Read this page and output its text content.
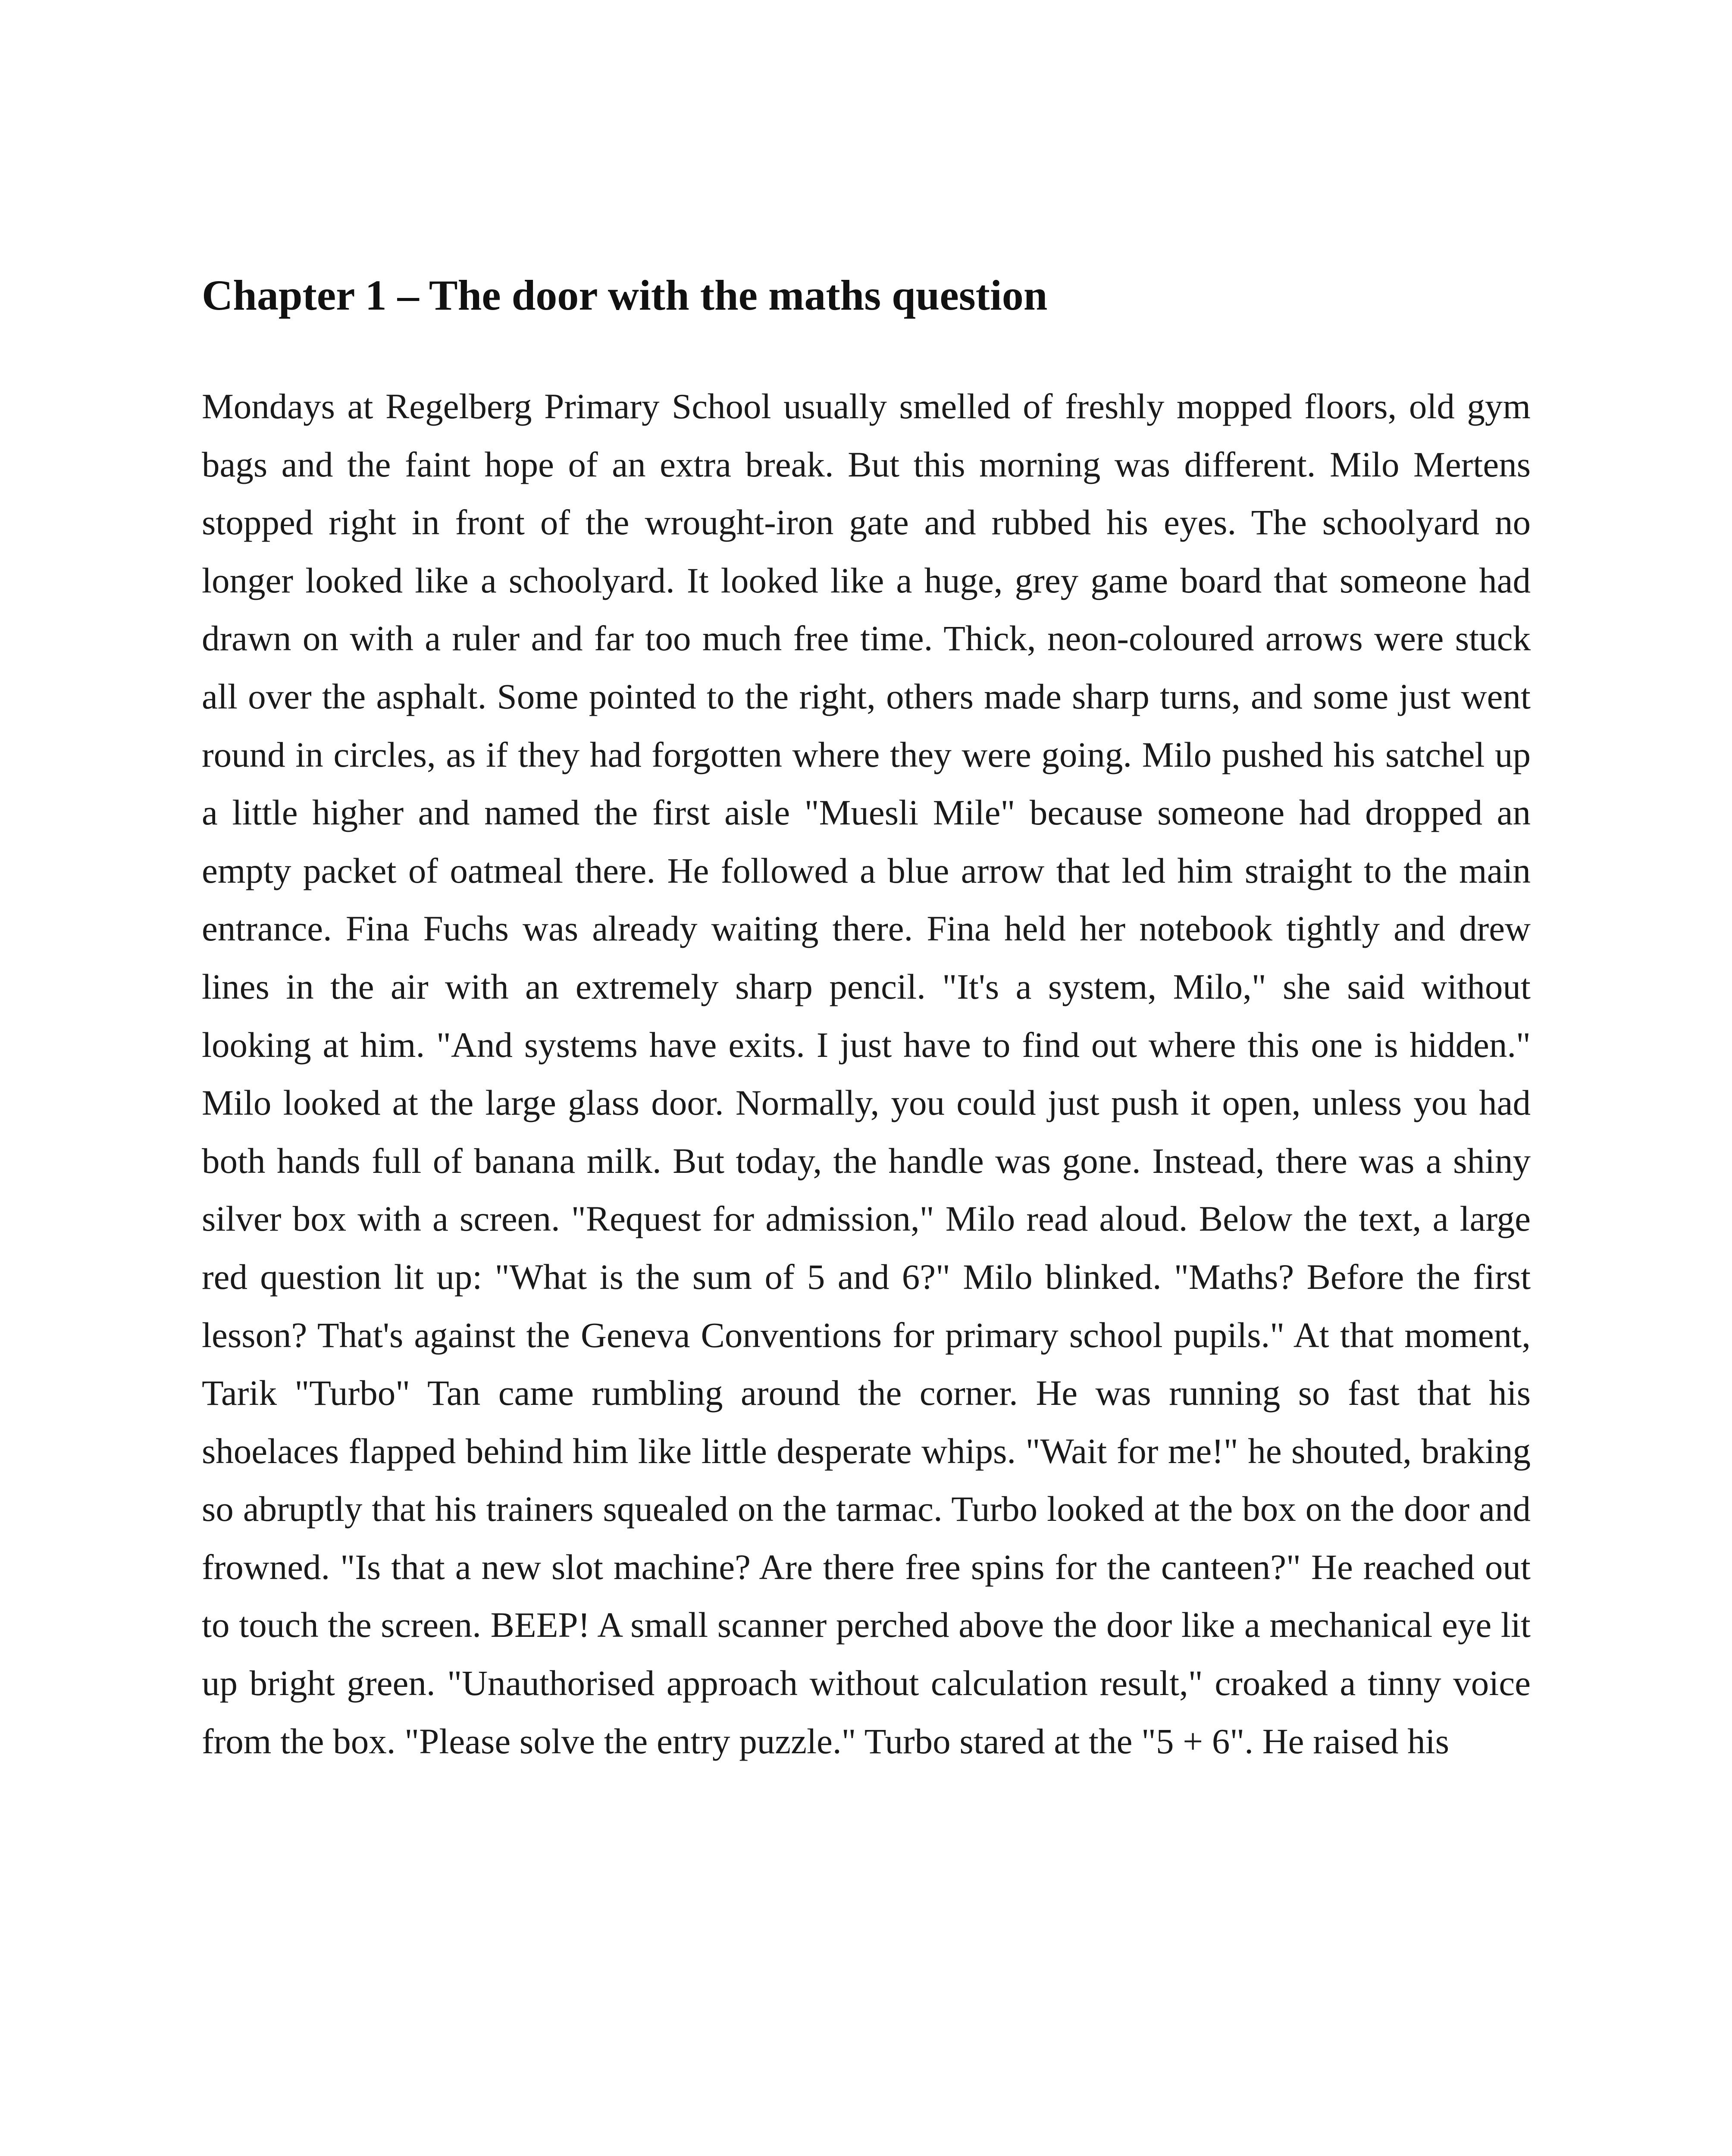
Chapter 1 – The door with the maths question

Mondays at Regelberg Primary School usually smelled of freshly mopped floors, old gym bags and the faint hope of an extra break. But this morning was different. Milo Mertens stopped right in front of the wrought-iron gate and rubbed his eyes. The schoolyard no longer looked like a schoolyard. It looked like a huge, grey game board that someone had drawn on with a ruler and far too much free time. Thick, neon-coloured arrows were stuck all over the asphalt. Some pointed to the right, others made sharp turns, and some just went round in circles, as if they had forgotten where they were going. Milo pushed his satchel up a little higher and named the first aisle "Muesli Mile" because someone had dropped an empty packet of oatmeal there. He followed a blue arrow that led him straight to the main entrance. Fina Fuchs was already waiting there. Fina held her notebook tightly and drew lines in the air with an extremely sharp pencil. "It's a system, Milo," she said without looking at him. "And systems have exits. I just have to find out where this one is hidden." Milo looked at the large glass door. Normally, you could just push it open, unless you had both hands full of banana milk. But today, the handle was gone. Instead, there was a shiny silver box with a screen. "Request for admission," Milo read aloud. Below the text, a large red question lit up: "What is the sum of 5 and 6?" Milo blinked. "Maths? Before the first lesson? That's against the Geneva Conventions for primary school pupils." At that moment, Tarik "Turbo" Tan came rumbling around the corner. He was running so fast that his shoelaces flapped behind him like little desperate whips. "Wait for me!" he shouted, braking so abruptly that his trainers squealed on the tarmac. Turbo looked at the box on the door and frowned. "Is that a new slot machine? Are there free spins for the canteen?" He reached out to touch the screen. BEEP! A small scanner perched above the door like a mechanical eye lit up bright green. "Unauthorised approach without calculation result," croaked a tinny voice from the box. "Please solve the entry puzzle." Turbo stared at the "5 + 6". He raised his
